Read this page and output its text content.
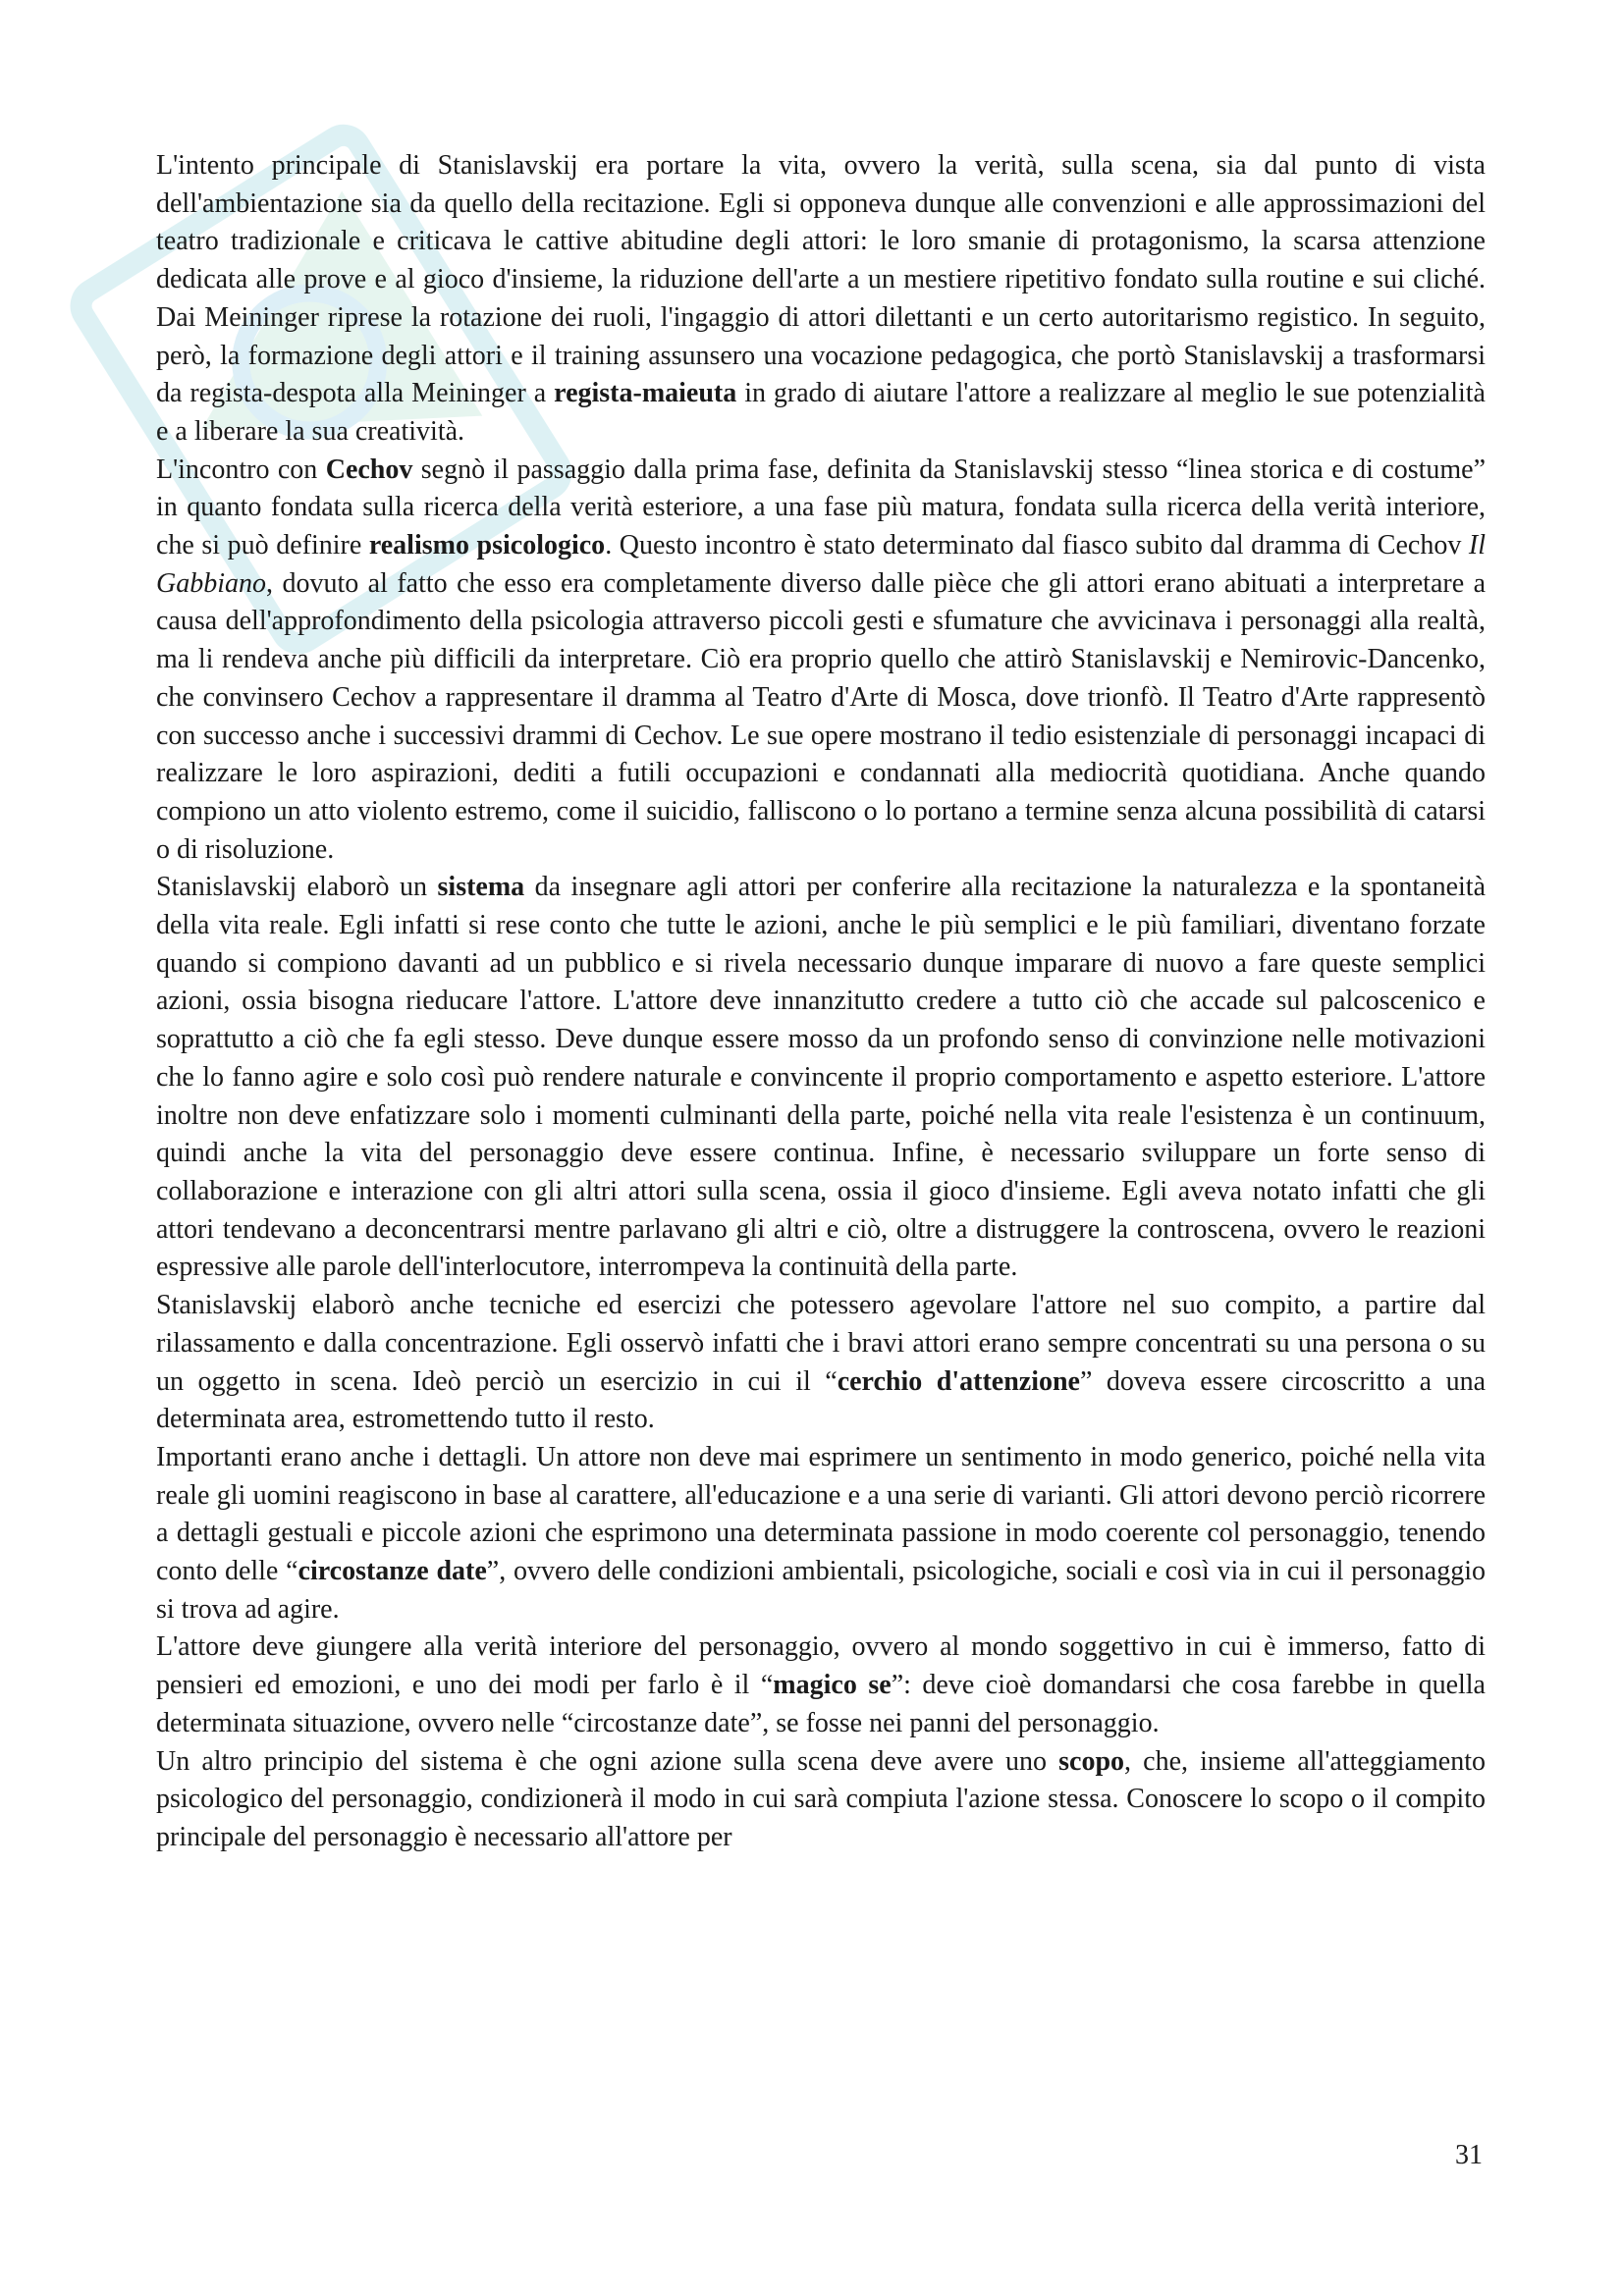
L'intento principale di Stanislavskij era portare la vita, ovvero la verità, sulla scena, sia dal punto di vista dell'ambientazione sia da quello della recitazione. Egli si opponeva dunque alle convenzioni e alle approssimazioni del teatro tradizionale e criticava le cattive abitudine degli attori: le loro smanie di protagonismo, la scarsa attenzione dedicata alle prove e al gioco d'insieme, la riduzione dell'arte a un mestiere ripetitivo fondato sulla routine e sui cliché. Dai Meininger riprese la rotazione dei ruoli, l'ingaggio di attori dilettanti e un certo autoritarismo registico. In seguito, però, la formazione degli attori e il training assunsero una vocazione pedagogica, che portò Stanislavskij a trasformarsi da regista-despota alla Meininger a regista-maieuta in grado di aiutare l'attore a realizzare al meglio le sue potenzialità e a liberare la sua creatività.

L'incontro con Cechov segnò il passaggio dalla prima fase, definita da Stanislavskij stesso “linea storica e di costume” in quanto fondata sulla ricerca della verità esteriore, a una fase più matura, fondata sulla ricerca della verità interiore, che si può definire realismo psicologico. Questo incontro è stato determinato dal fiasco subito dal dramma di Cechov Il Gabbiano, dovuto al fatto che esso era completamente diverso dalle pièce che gli attori erano abituati a interpretare a causa dell'approfondimento della psicologia attraverso piccoli gesti e sfumature che avvicinava i personaggi alla realtà, ma li rendeva anche più difficili da interpretare. Ciò era proprio quello che attirò Stanislavskij e Nemirovic-Dancenko, che convinsero Cechov a rappresentare il dramma al Teatro d'Arte di Mosca, dove trionfò. Il Teatro d'Arte rappresentò con successo anche i successivi drammi di Cechov. Le sue opere mostrano il tedio esistenziale di personaggi incapaci di realizzare le loro aspirazioni, dediti a futili occupazioni e condannati alla mediocrità quotidiana. Anche quando compiono un atto violento estremo, come il suicidio, falliscono o lo portano a termine senza alcuna possibilità di catarsi o di risoluzione.

Stanislavskij elaborò un sistema da insegnare agli attori per conferire alla recitazione la naturalezza e la spontaneità della vita reale. Egli infatti si rese conto che tutte le azioni, anche le più semplici e le più familiari, diventano forzate quando si compiono davanti ad un pubblico e si rivela necessario dunque imparare di nuovo a fare queste semplici azioni, ossia bisogna rieducare l'attore. L'attore deve innanzitutto credere a tutto ciò che accade sul palcoscenico e soprattutto a ciò che fa egli stesso. Deve dunque essere mosso da un profondo senso di convinzione nelle motivazioni che lo fanno agire e solo così può rendere naturale e convincente il proprio comportamento e aspetto esteriore. L'attore inoltre non deve enfatizzare solo i momenti culminanti della parte, poiché nella vita reale l'esistenza è un continuum, quindi anche la vita del personaggio deve essere continua. Infine, è necessario sviluppare un forte senso di collaborazione e interazione con gli altri attori sulla scena, ossia il gioco d'insieme. Egli aveva notato infatti che gli attori tendevano a deconcentrarsi mentre parlavano gli altri e ciò, oltre a distruggere la controscena, ovvero le reazioni espressive alle parole dell'interlocutore, interrompeva la continuità della parte.

Stanislavskij elaborò anche tecniche ed esercizi che potessero agevolare l'attore nel suo compito, a partire dal rilassamento e dalla concentrazione. Egli osservò infatti che i bravi attori erano sempre concentrati su una persona o su un oggetto in scena. Ideò perciò un esercizio in cui il “cerchio d'attenzione” doveva essere circoscritto a una determinata area, estromettendo tutto il resto.

Importanti erano anche i dettagli. Un attore non deve mai esprimere un sentimento in modo generico, poiché nella vita reale gli uomini reagiscono in base al carattere, all'educazione e a una serie di varianti. Gli attori devono perciò ricorrere a dettagli gestuali e piccole azioni che esprimono una determinata passione in modo coerente col personaggio, tenendo conto delle “circostanze date”, ovvero delle condizioni ambientali, psicologiche, sociali e così via in cui il personaggio si trova ad agire.

L'attore deve giungere alla verità interiore del personaggio, ovvero al mondo soggettivo in cui è immerso, fatto di pensieri ed emozioni, e uno dei modi per farlo è il “magico se”: deve cioè domandarsi che cosa farebbe in quella determinata situazione, ovvero nelle “circostanze date”, se fosse nei panni del personaggio.

Un altro principio del sistema è che ogni azione sulla scena deve avere uno scopo, che, insieme all'atteggiamento psicologico del personaggio, condizionerà il modo in cui sarà compiuta l'azione stessa. Conoscere lo scopo o il compito principale del personaggio è necessario all'attore per

31
